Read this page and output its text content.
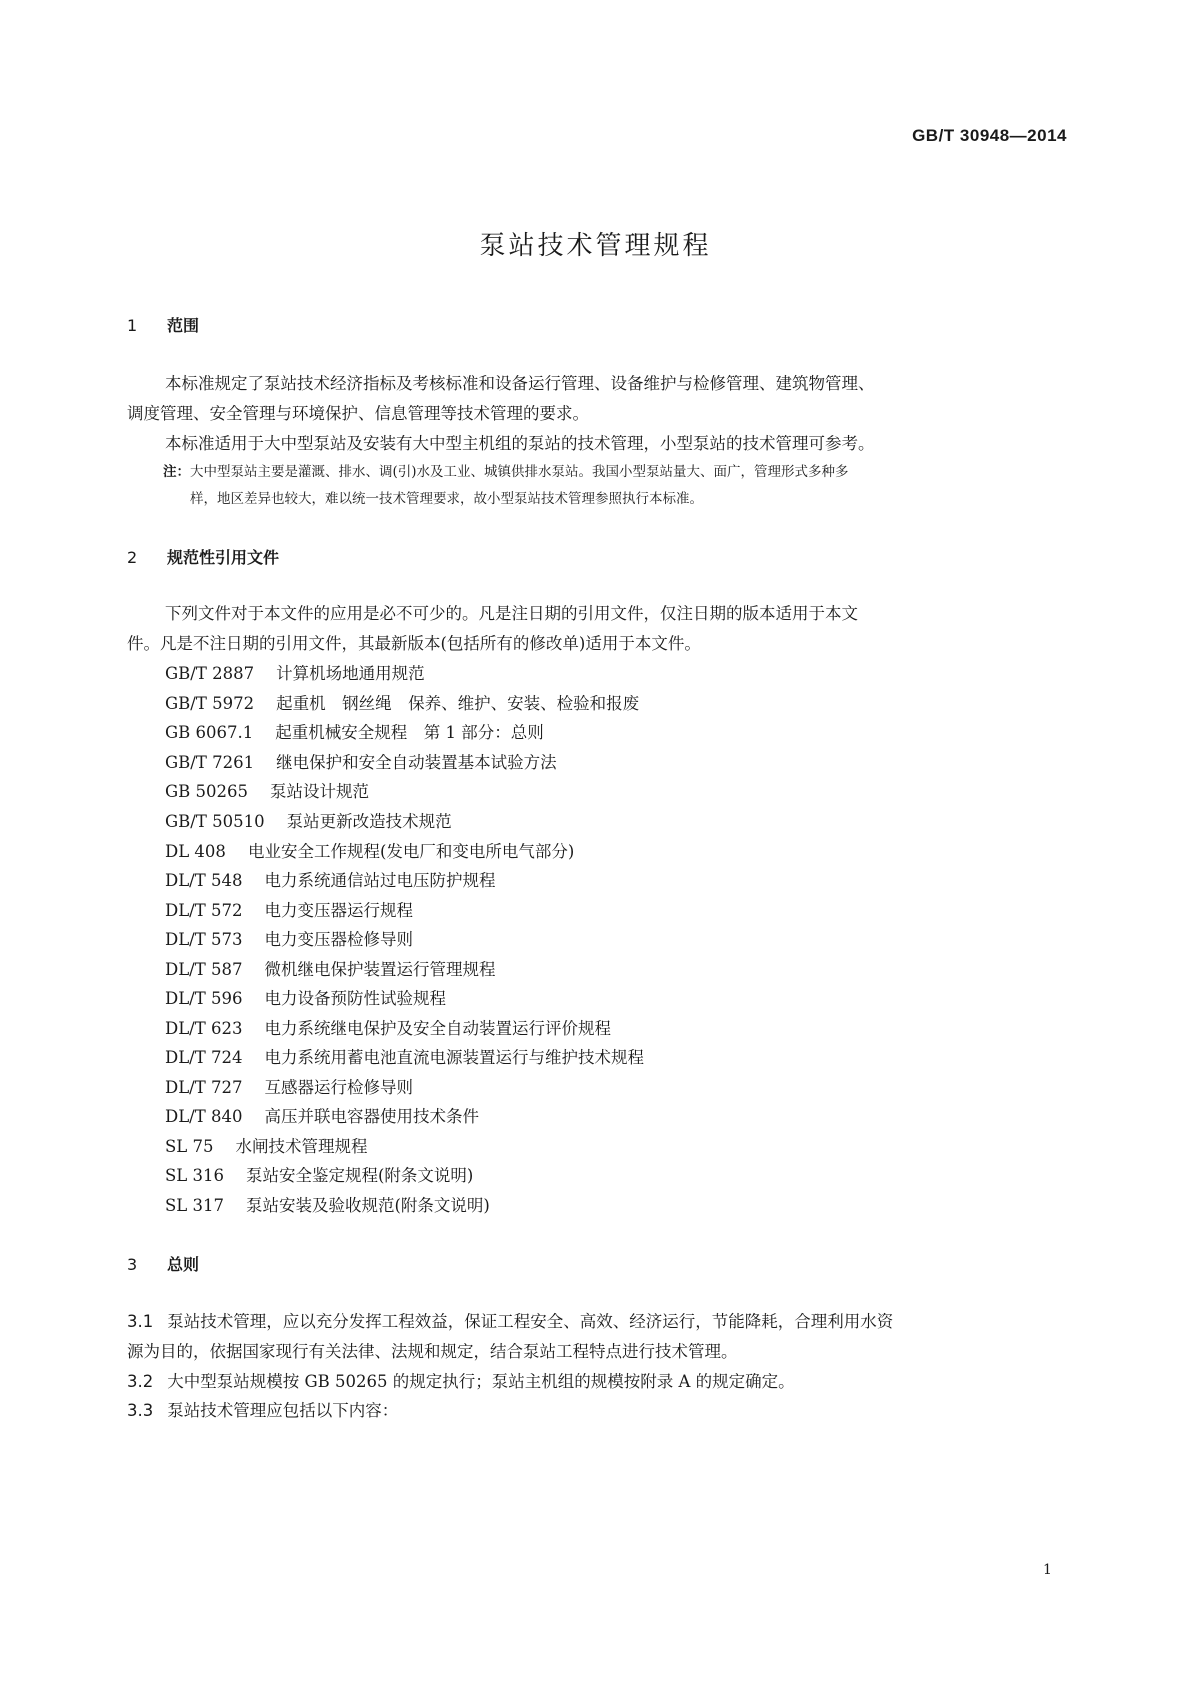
GB/T 30948—2014
泵站技术管理规程
1 范围
本标准规定了泵站技术经济指标及考核标准和设备运行管理、设备维护与检修管理、建筑物管理、
调度管理、安全管理与环境保护、信息管理等技术管理的要求。
本标准适用于大中型泵站及安装有大中型主机组的泵站的技术管理，小型泵站的技术管理可参考。
注：大中型泵站主要是灌溉、排水、调(引)水及工业、城镇供排水泵站。我国小型泵站量大、面广，管理形式多种多
样，地区差异也较大，难以统一技术管理要求，故小型泵站技术管理参照执行本标准。
2 规范性引用文件
下列文件对于本文件的应用是必不可少的。凡是注日期的引用文件，仅注日期的版本适用于本文
件。凡是不注日期的引用文件，其最新版本(包括所有的修改单)适用于本文件。
GB/T 2887 计算机场地通用规范
GB/T 5972 起重机　钢丝绳　保养、维护、安装、检验和报废
GB 6067.1 起重机械安全规程　第 1 部分：总则
GB/T 7261 继电保护和安全自动装置基本试验方法
GB 50265 泵站设计规范
GB/T 50510 泵站更新改造技术规范
DL 408 电业安全工作规程(发电厂和变电所电气部分)
DL/T 548 电力系统通信站过电压防护规程
DL/T 572 电力变压器运行规程
DL/T 573 电力变压器检修导则
DL/T 587 微机继电保护装置运行管理规程
DL/T 596 电力设备预防性试验规程
DL/T 623 电力系统继电保护及安全自动装置运行评价规程
DL/T 724 电力系统用蓄电池直流电源装置运行与维护技术规程
DL/T 727 互感器运行检修导则
DL/T 840 高压并联电容器使用技术条件
SL 75 水闸技术管理规程
SL 316 泵站安全鉴定规程(附条文说明)
SL 317 泵站安装及验收规范(附条文说明)
3 总则
3.1 泵站技术管理，应以充分发挥工程效益，保证工程安全、高效、经济运行，节能降耗，合理利用水资
源为目的，依据国家现行有关法律、法规和规定，结合泵站工程特点进行技术管理。
3.2 大中型泵站规模按 GB 50265 的规定执行；泵站主机组的规模按附录 A 的规定确定。
3.3 泵站技术管理应包括以下内容：
1
